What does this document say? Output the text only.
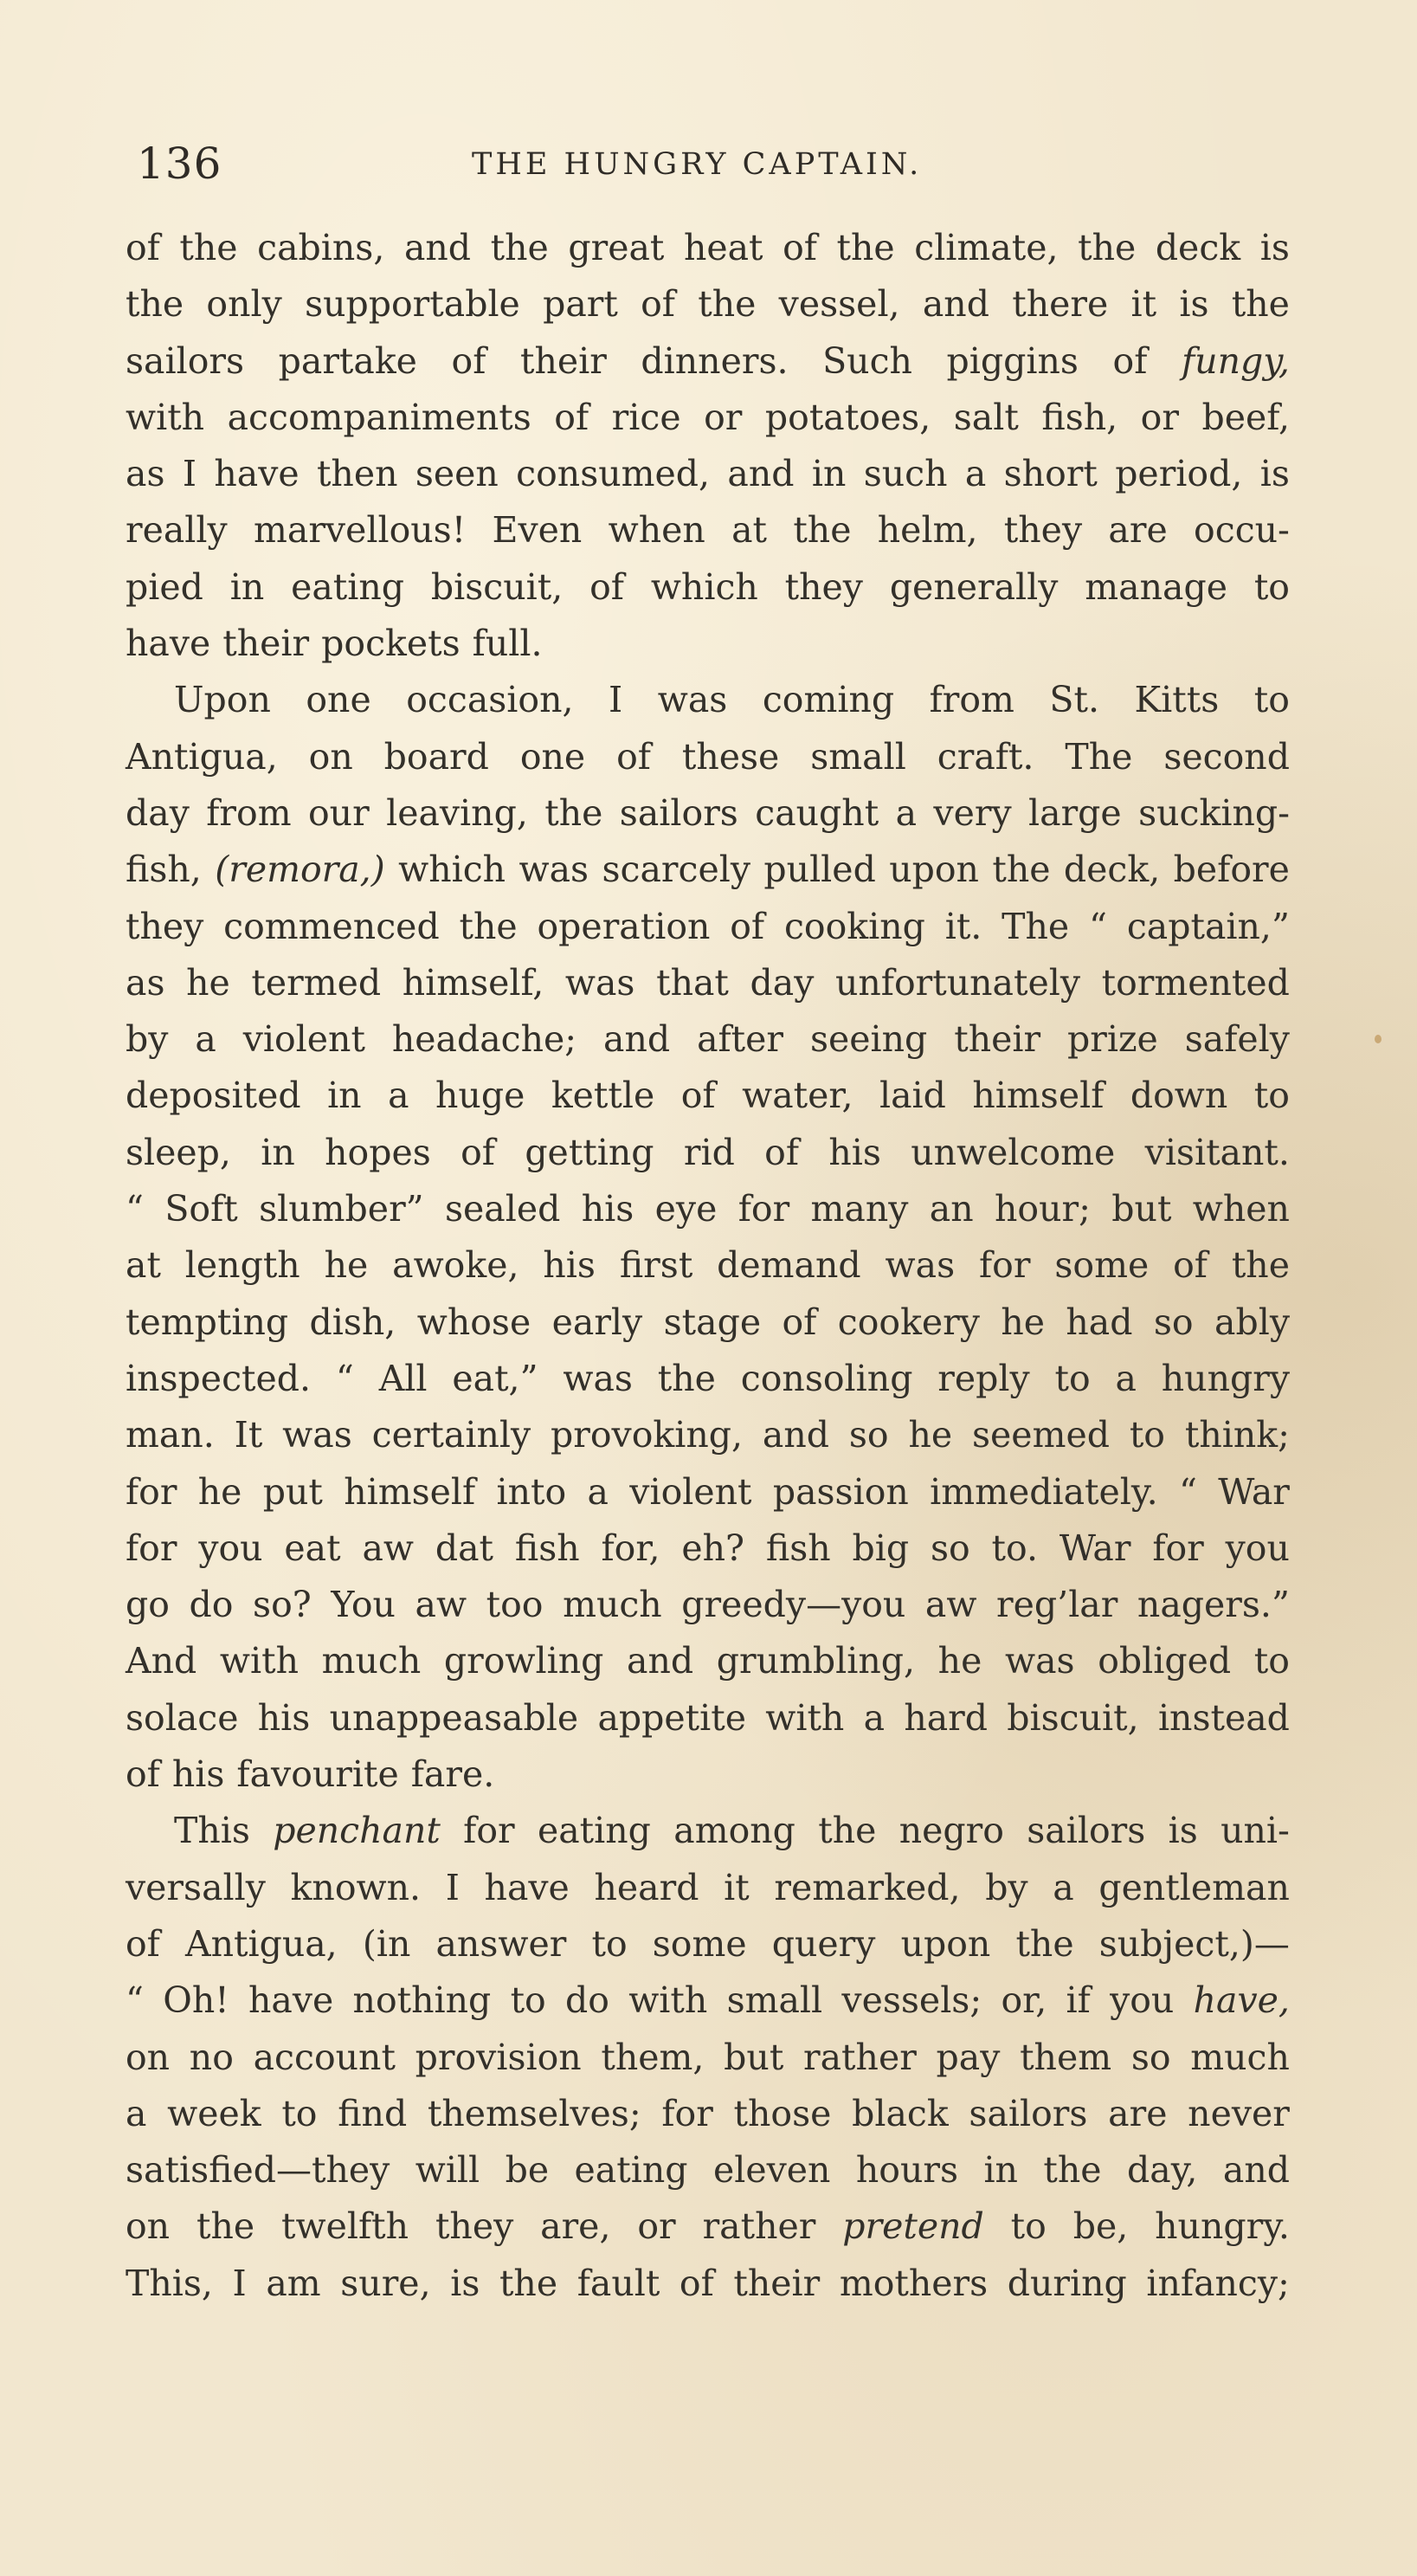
136	THE HUNGRY CAPTAIN.
of the cabins, and the great heat of the climate, the deck is
the only supportable part of the vessel, and there it is the
sailors partake of their dinners. Such piggins of fungy,
with accompaniments of rice or potatoes, salt fish, or beef,
as I have then seen consumed, and in such a short period, is
really marvellous! Even when at the helm, they are occu-
pied in eating biscuit, of which they generally manage to
have their pockets full.
Upon one occasion, I was coming from St. Kitts to
Antigua, on board one of these small craft. The second
day from our leaving, the sailors caught a very large sucking-
fish, (remora,) which was scarcely pulled upon the deck, before
they commenced the operation of cooking it. The “ captain,”
as he termed himself, was that day unfortunately tormented
by a violent headache; and after seeing their prize safely
deposited in a huge kettle of water, laid himself down to
sleep, in hopes of getting rid of his unwelcome visitant.
“ Soft slumber” sealed his eye for many an hour; but when
at length he awoke, his first demand was for some of the
tempting dish, whose early stage of cookery he had so ably
inspected. “ All eat,” was the consoling reply to a hungry
man. It was certainly provoking, and so he seemed to think;
for he put himself into a violent passion immediately. “ War
for you eat aw dat fish for, eh? fish big so to. War for you
go do so? You aw too much greedy—you aw reg’lar nagers.”
And with much growling and grumbling, he was obliged to
solace his unappeasable appetite with a hard biscuit, instead
of his favourite fare.
This penchant for eating among the negro sailors is uni-
versally known. I have heard it remarked, by a gentleman
of Antigua, (in answer to some query upon the subject,)—
“ Oh! have nothing to do with small vessels; or, if you have,
on no account provision them, but rather pay them so much
a week to find themselves; for those black sailors are never
satisfied—they will be eating eleven hours in the day, and
on the twelfth they are, or rather pretend to be, hungry.
This, I am sure, is the fault of their mothers during infancy;
